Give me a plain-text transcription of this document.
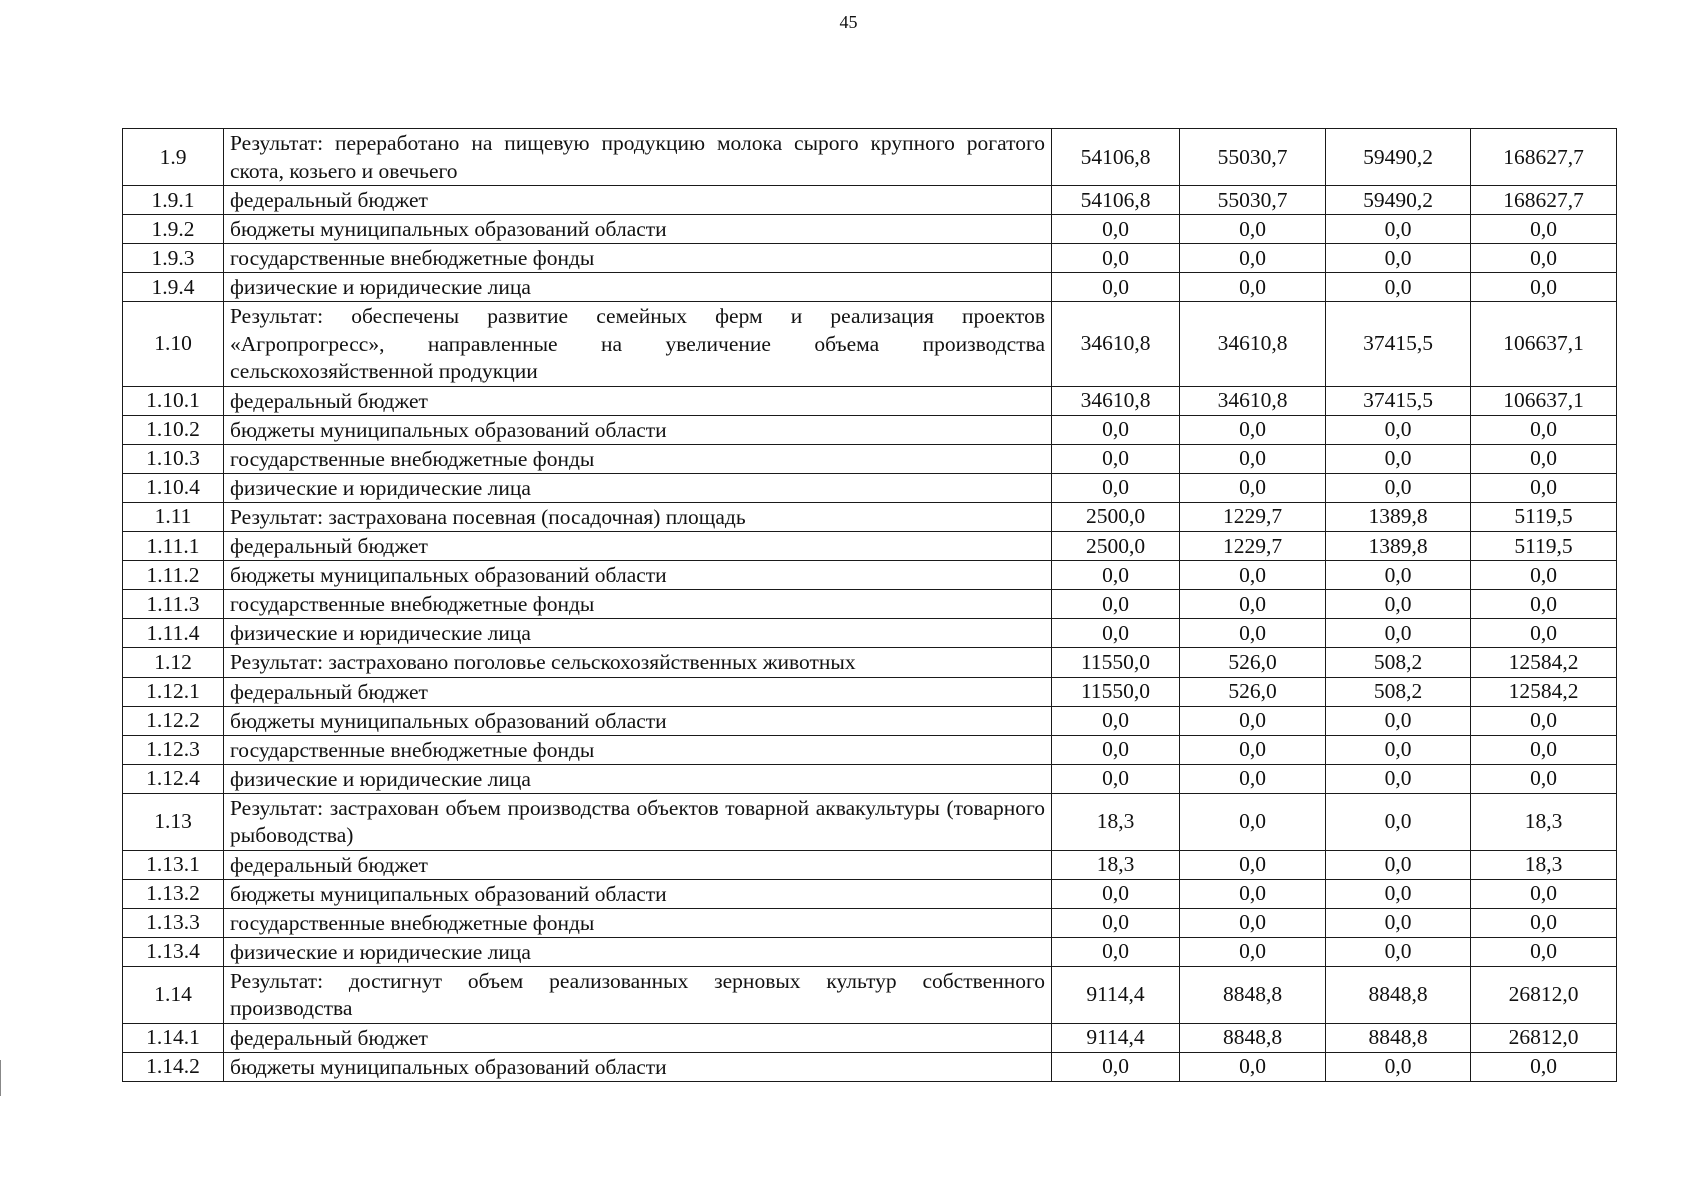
45
1.9	Результат: переработано на пищевую продукцию молока сырого крупного рогатого скота, козьего и овечьего	54106,8	55030,7	59490,2	168627,7
1.9.1	федеральный бюджет	54106,8	55030,7	59490,2	168627,7
1.9.2	бюджеты муниципальных образований области	0,0	0,0	0,0	0,0
1.9.3	государственные внебюджетные фонды	0,0	0,0	0,0	0,0
1.9.4	физические и юридические лица	0,0	0,0	0,0	0,0
1.10	Результат: обеспечены развитие семейных ферм и реализация проектов «Агропрогресс», направленные на увеличение объема производства сельскохозяйственной продукции	34610,8	34610,8	37415,5	106637,1
1.10.1	федеральный бюджет	34610,8	34610,8	37415,5	106637,1
1.10.2	бюджеты муниципальных образований области	0,0	0,0	0,0	0,0
1.10.3	государственные внебюджетные фонды	0,0	0,0	0,0	0,0
1.10.4	физические и юридические лица	0,0	0,0	0,0	0,0
1.11	Результат: застрахована посевная (посадочная) площадь	2500,0	1229,7	1389,8	5119,5
1.11.1	федеральный бюджет	2500,0	1229,7	1389,8	5119,5
1.11.2	бюджеты муниципальных образований области	0,0	0,0	0,0	0,0
1.11.3	государственные внебюджетные фонды	0,0	0,0	0,0	0,0
1.11.4	физические и юридические лица	0,0	0,0	0,0	0,0
1.12	Результат: застраховано поголовье сельскохозяйственных животных	11550,0	526,0	508,2	12584,2
1.12.1	федеральный бюджет	11550,0	526,0	508,2	12584,2
1.12.2	бюджеты муниципальных образований области	0,0	0,0	0,0	0,0
1.12.3	государственные внебюджетные фонды	0,0	0,0	0,0	0,0
1.12.4	физические и юридические лица	0,0	0,0	0,0	0,0
1.13	Результат: застрахован объем производства объектов товарной аквакультуры (товарного рыбоводства)	18,3	0,0	0,0	18,3
1.13.1	федеральный бюджет	18,3	0,0	0,0	18,3
1.13.2	бюджеты муниципальных образований области	0,0	0,0	0,0	0,0
1.13.3	государственные внебюджетные фонды	0,0	0,0	0,0	0,0
1.13.4	физические и юридические лица	0,0	0,0	0,0	0,0
1.14	Результат: достигнут объем реализованных зерновых культур собственного производства	9114,4	8848,8	8848,8	26812,0
1.14.1	федеральный бюджет	9114,4	8848,8	8848,8	26812,0
1.14.2	бюджеты муниципальных образований области	0,0	0,0	0,0	0,0
